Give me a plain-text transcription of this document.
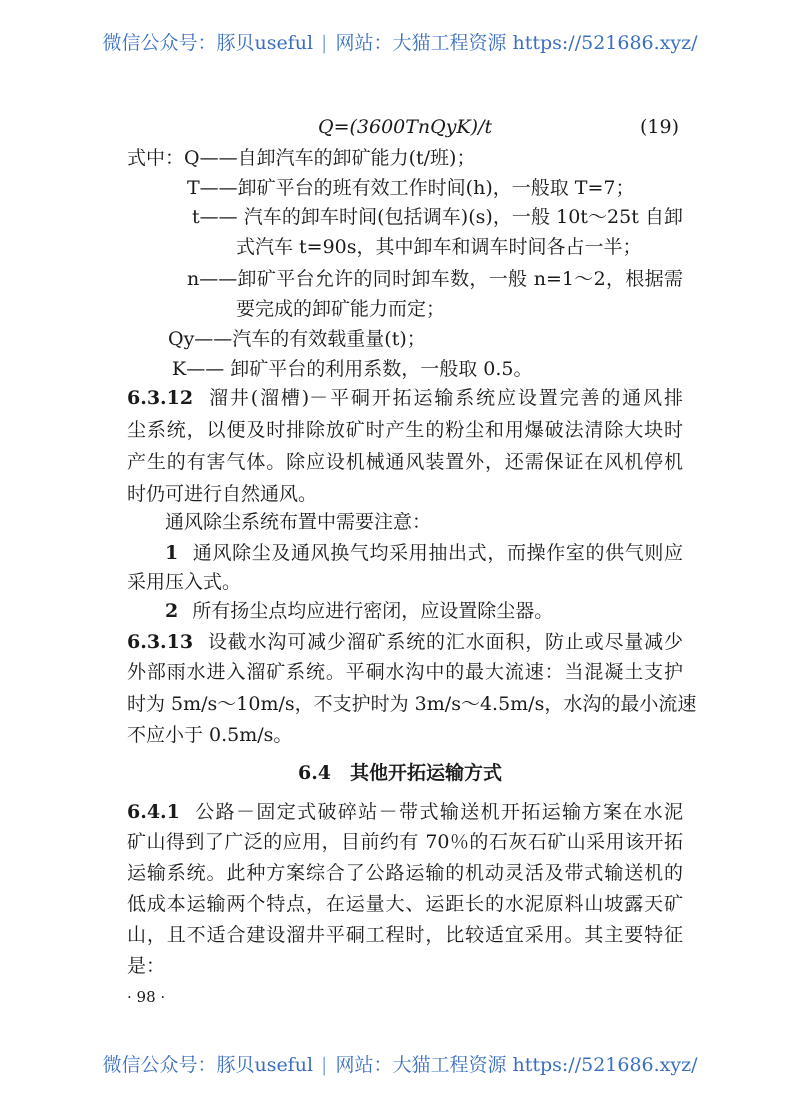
微信公众号：豚贝useful | 网站：大猫工程资源 https://521686.xyz/
Q=(3600TnQyK)/t	(19)
式中：Q——自卸汽车的卸矿能力(t/班)；
T——卸矿平台的班有效工作时间(h)，一般取 T=7；
t—— 汽车的卸车时间(包括调车)(s)，一般 10t～25t 自卸
式汽车 t=90s，其中卸车和调车时间各占一半；
n——卸矿平台允许的同时卸车数，一般 n=1～2，根据需
要完成的卸矿能力而定；
Qy——汽车的有效载重量(t)；
K—— 卸矿平台的利用系数，一般取 0.5。
6.3.12 溜井(溜槽)－平硐开拓运输系统应设置完善的通风排
尘系统，以便及时排除放矿时产生的粉尘和用爆破法清除大块时
产生的有害气体。除应设机械通风装置外，还需保证在风机停机
时仍可进行自然通风。
通风除尘系统布置中需要注意：
1 通风除尘及通风换气均采用抽出式，而操作室的供气则应
采用压入式。
2 所有扬尘点均应进行密闭，应设置除尘器。
6.3.13 设截水沟可减少溜矿系统的汇水面积，防止或尽量减少
外部雨水进入溜矿系统。平硐水沟中的最大流速：当混凝土支护
时为 5m/s～10m/s，不支护时为 3m/s～4.5m/s，水沟的最小流速
不应小于 0.5m/s。
6.4　其他开拓运输方式
6.4.1 公路－固定式破碎站－带式输送机开拓运输方案在水泥
矿山得到了广泛的应用，目前约有 70％的石灰石矿山采用该开拓
运输系统。此种方案综合了公路运输的机动灵活及带式输送机的
低成本运输两个特点，在运量大、运距长的水泥原料山坡露天矿
山，且不适合建设溜井平硐工程时，比较适宜采用。其主要特征
是：
· 98 ·
微信公众号：豚贝useful | 网站：大猫工程资源 https://521686.xyz/
